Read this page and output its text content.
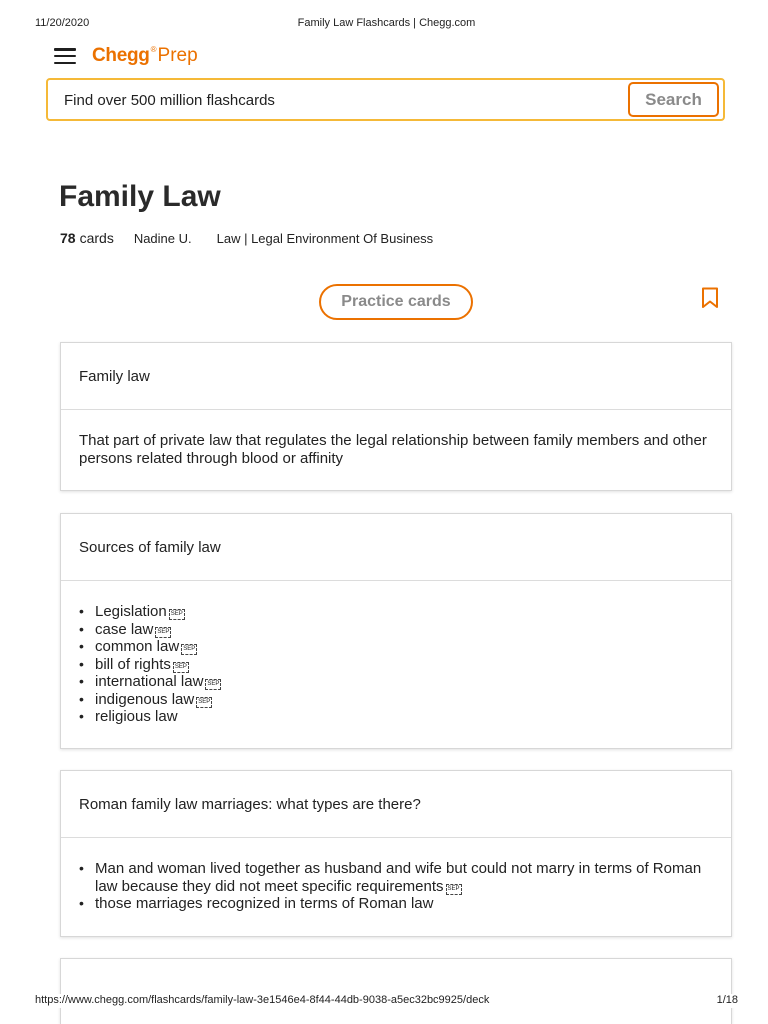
11/20/2020	Family Law Flashcards | Chegg.com
Chegg ® Prep
Find over 500 million flashcards
Search
Family Law
78 cards Nadine U. Law | Legal Environment Of Business
Practice cards
Family law
That part of private law that regulates the legal relationship between family members and other persons related through blood or affinity
Sources of family law
• Legislation SEP
• case law SEP
• common law SEP
• bill of rights SEP
• international law SEP
• indigenous law SEP
• religious law
Roman family law marriages: what types are there?
• Man and woman lived together as husband and wife but could not marry in terms of Roman law because they did not meet specific requirements SEP
• those marriages recognized in terms of Roman law
https://www.chegg.com/flashcards/family-law-3e1546e4-8f44-44db-9038-a5ec32bc9925/deck	1/18
